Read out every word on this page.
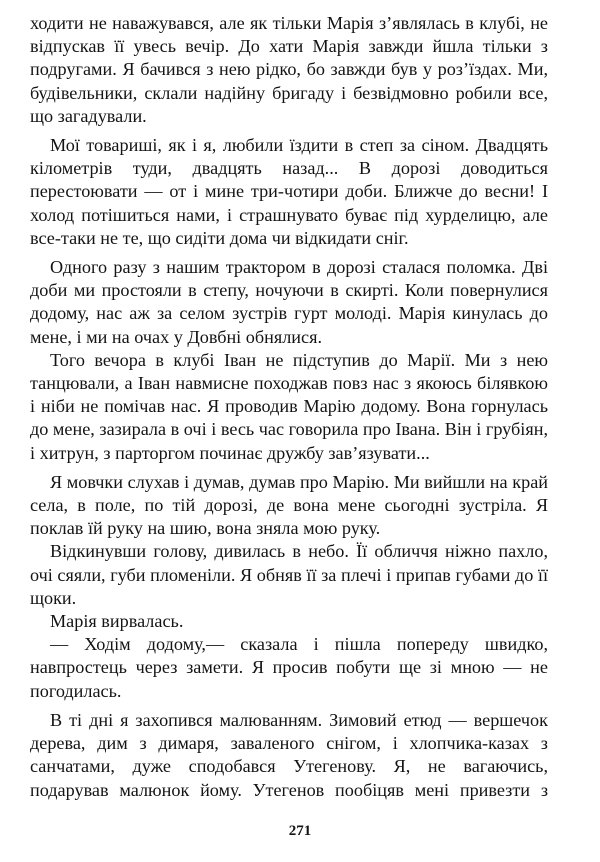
ходити не наважувався, але як тільки Марія з’являлась в клубі, не відпускав її увесь вечір. До хати Марія завжди йшла тільки з подругами. Я бачився з нею рідко, бо завжди був у роз’їздах. Ми, будівельники, склали надійну бригаду і безвідмовно робили все, що загадували.

Мої товариші, як і я, любили їздити в степ за сіном. Двадцять кілометрів туди, двадцять назад... В дорозі доводиться перестоювати — от і мине три-чотири доби. Ближче до весни! І холод потішиться нами, і страшнувато буває під хурделицю, але все-таки не те, що сидіти дома чи відкидати сніг.

Одного разу з нашим трактором в дорозі сталася поломка. Дві доби ми простояли в степу, ночуючи в скирті. Коли повернулися додому, нас аж за селом зустрів гурт молоді. Марія кинулась до мене, і ми на очах у Довбні обнялися.

Того вечора в клубі Іван не підступив до Марії. Ми з нею танцювали, а Іван навмисне походжав повз нас з якоюсь білявкою і ніби не помічав нас. Я проводив Марію додому. Вона горнулась до мене, зазирала в очі і весь час говорила про Івана. Він і грубіян, і хитрун, з парторгом починає дружбу зав’язувати...

Я мовчки слухав і думав, думав про Марію. Ми вийшли на край села, в поле, по тій дорозі, де вона мене сьогодні зустріла. Я поклав їй руку на шию, вона зняла мою руку.

Відкинувши голову, дивилась в небо. Її обличчя ніжно пахло, очі сяяли, губи пломеніли. Я обняв її за плечі і припав губами до її щоки.

Марія вирвалась.

— Ходім додому,— сказала і пішла попереду швидко, навпростець через замети. Я просив побути ще зі мною — не погодилась.

В ті дні я захопився малюванням. Зимовий етюд — вершечок дерева, дим з димаря, заваленого снігом, і хлопчика-казах з санчатами, дуже сподобався Утегенову. Я, не вагаючись, подарував малюнок йому. Утегенов пообіцяв мені привезти з

271
